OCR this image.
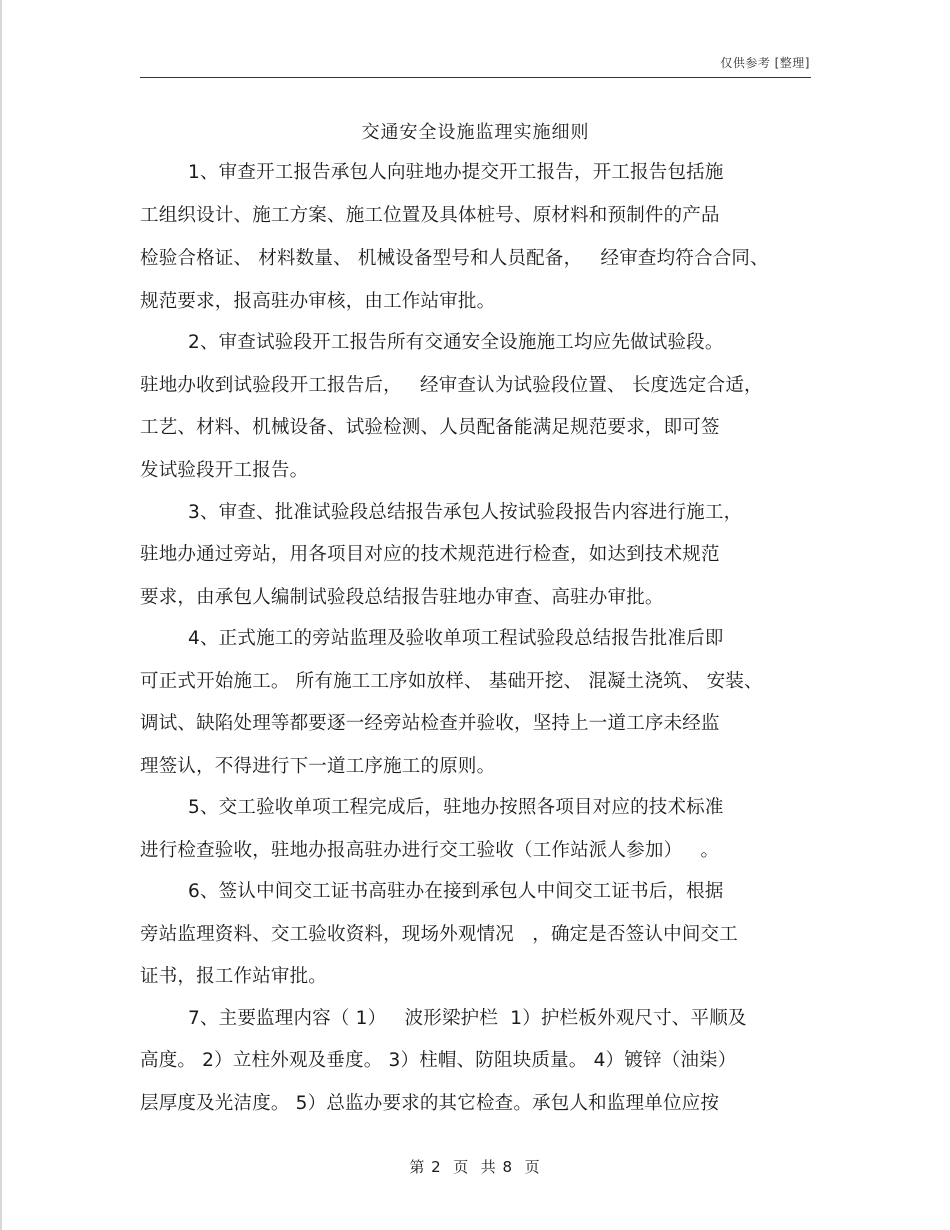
仅供参考 [整理]
交通安全设施监理实施细则
1、审查开工报告承包人向驻地办提交开工报告，开工报告包括施
工组织设计、施工方案、施工位置及具体桩号、原材料和预制件的产品
检验合格证、 材料数量、 机械设备型号和人员配备，   经审查均符合合同、
规范要求，报高驻办审核，由工作站审批。
2、审查试验段开工报告所有交通安全设施施工均应先做试验段。
驻地办收到试验段开工报告后，   经审查认为试验段位置、 长度选定合适，
工艺、材料、机械设备、试验检测、人员配备能满足规范要求，即可签
发试验段开工报告。
3、审查、批准试验段总结报告承包人按试验段报告内容进行施工，
驻地办通过旁站，用各项目对应的技术规范进行检查，如达到技术规范
要求，由承包人编制试验段总结报告驻地办审查、高驻办审批。
4、正式施工的旁站监理及验收单项工程试验段总结报告批准后即
可正式开始施工。 所有施工工序如放样、 基础开挖、 混凝土浇筑、 安装、
调试、缺陷处理等都要逐一经旁站检查并验收，坚持上一道工序未经监
理签认，不得进行下一道工序施工的原则。
5、交工验收单项工程完成后，驻地办按照各项目对应的技术标准
进行检查验收，驻地办报高驻办进行交工验收（工作站派人参加）   。
6、签认中间交工证书高驻办在接到承包人中间交工证书后，根据
旁站监理资料、交工验收资料，现场外观情况   ，确定是否签认中间交工
证书，报工作站审批。
7、主要监理内容（ 1）   波形梁护栏  1）护栏板外观尺寸、平顺及
高度。 2）立柱外观及垂度。 3）柱帽、防阻块质量。 4）镀锌（油柒）
层厚度及光洁度。 5）总监办要求的其它检查。承包人和监理单位应按
第 2  页  共 8  页
